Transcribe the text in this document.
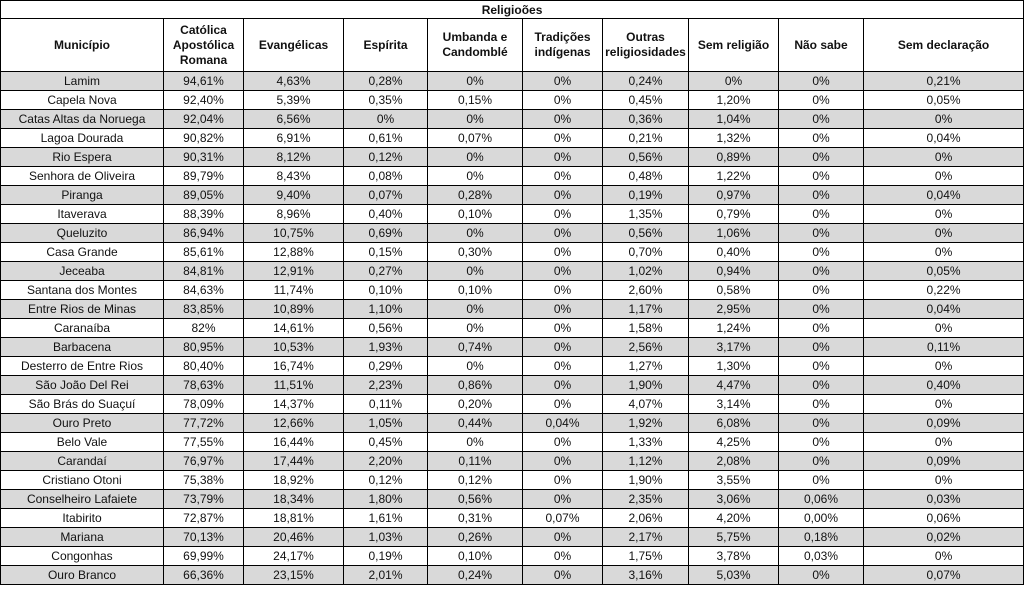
Religioões									
Município	Católica Apostólica Romana	Evangélicas	Espírita	Umbanda e Candomblé	Tradições indígenas	Outras religiosidades	Sem religião	Não sabe	Sem declaração
Lamim	94,61%	4,63%	0,28%	0%	0%	0,24%	0%	0%	0,21%
Capela Nova	92,40%	5,39%	0,35%	0,15%	0%	0,45%	1,20%	0%	0,05%
Catas Altas da Noruega	92,04%	6,56%	0%	0%	0%	0,36%	1,04%	0%	0%
Lagoa Dourada	90,82%	6,91%	0,61%	0,07%	0%	0,21%	1,32%	0%	0,04%
Rio Espera	90,31%	8,12%	0,12%	0%	0%	0,56%	0,89%	0%	0%
Senhora de Oliveira	89,79%	8,43%	0,08%	0%	0%	0,48%	1,22%	0%	0%
Piranga	89,05%	9,40%	0,07%	0,28%	0%	0,19%	0,97%	0%	0,04%
Itaverava	88,39%	8,96%	0,40%	0,10%	0%	1,35%	0,79%	0%	0%
Queluzito	86,94%	10,75%	0,69%	0%	0%	0,56%	1,06%	0%	0%
Casa Grande	85,61%	12,88%	0,15%	0,30%	0%	0,70%	0,40%	0%	0%
Jeceaba	84,81%	12,91%	0,27%	0%	0%	1,02%	0,94%	0%	0,05%
Santana dos Montes	84,63%	11,74%	0,10%	0,10%	0%	2,60%	0,58%	0%	0,22%
Entre Rios de Minas	83,85%	10,89%	1,10%	0%	0%	1,17%	2,95%	0%	0,04%
Caranaíba	82%	14,61%	0,56%	0%	0%	1,58%	1,24%	0%	0%
Barbacena	80,95%	10,53%	1,93%	0,74%	0%	2,56%	3,17%	0%	0,11%
Desterro de Entre Rios	80,40%	16,74%	0,29%	0%	0%	1,27%	1,30%	0%	0%
São João Del Rei	78,63%	11,51%	2,23%	0,86%	0%	1,90%	4,47%	0%	0,40%
São Brás do Suaçuí	78,09%	14,37%	0,11%	0,20%	0%	4,07%	3,14%	0%	0%
Ouro Preto	77,72%	12,66%	1,05%	0,44%	0,04%	1,92%	6,08%	0%	0,09%
Belo Vale	77,55%	16,44%	0,45%	0%	0%	1,33%	4,25%	0%	0%
Carandaí	76,97%	17,44%	2,20%	0,11%	0%	1,12%	2,08%	0%	0,09%
Cristiano Otoni	75,38%	18,92%	0,12%	0,12%	0%	1,90%	3,55%	0%	0%
Conselheiro Lafaiete	73,79%	18,34%	1,80%	0,56%	0%	2,35%	3,06%	0,06%	0,03%
Itabirito	72,87%	18,81%	1,61%	0,31%	0,07%	2,06%	4,20%	0,00%	0,06%
Mariana	70,13%	20,46%	1,03%	0,26%	0%	2,17%	5,75%	0,18%	0,02%
Congonhas	69,99%	24,17%	0,19%	0,10%	0%	1,75%	3,78%	0,03%	0%
Ouro Branco	66,36%	23,15%	2,01%	0,24%	0%	3,16%	5,03%	0%	0,07%
